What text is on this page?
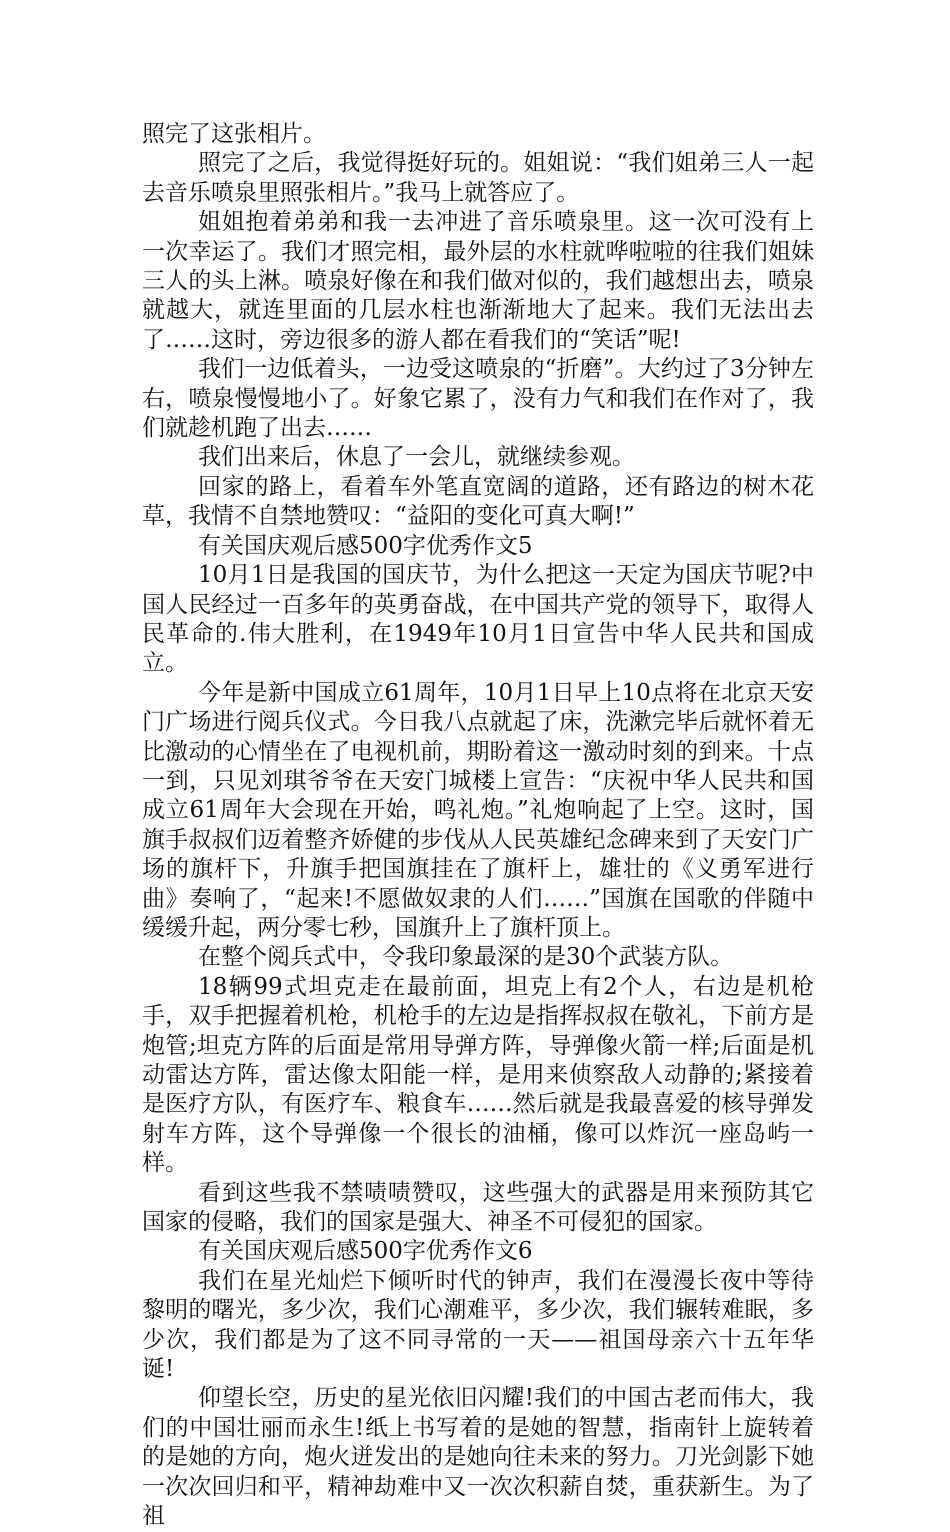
照完了这张相片。

照完了之后，我觉得挺好玩的。姐姐说：“我们姐弟三人一起去音乐喷泉里照张相片。”我马上就答应了。

姐姐抱着弟弟和我一去冲进了音乐喷泉里。这一次可没有上一次幸运了。我们才照完相，最外层的水柱就哗啦啦的往我们姐妹三人的头上淋。喷泉好像在和我们做对似的，我们越想出去，喷泉就越大，就连里面的几层水柱也渐渐地大了起来。我们无法出去了……这时，旁边很多的游人都在看我们的“笑话”呢!

我们一边低着头，一边受这喷泉的“折磨”。大约过了3分钟左右，喷泉慢慢地小了。好象它累了，没有力气和我们在作对了，我们就趁机跑了出去……

我们出来后，休息了一会儿，就继续参观。

回家的路上，看着车外笔直宽阔的道路，还有路边的树木花草，我情不自禁地赞叹：“益阳的变化可真大啊!”

有关国庆观后感500字优秀作文5

10月1日是我国的国庆节，为什么把这一天定为国庆节呢?中国人民经过一百多年的英勇奋战，在中国共产党的领导下，取得人民革命的.伟大胜利，在1949年10月1日宣告中华人民共和国成立。

今年是新中国成立61周年，10月1日早上10点将在北京天安门广场进行阅兵仪式。今日我八点就起了床，洗漱完毕后就怀着无比激动的心情坐在了电视机前，期盼着这一激动时刻的到来。十点一到，只见刘琪爷爷在天安门城楼上宣告：“庆祝中华人民共和国成立61周年大会现在开始，鸣礼炮。”礼炮响起了上空。这时，国旗手叔叔们迈着整齐娇健的步伐从人民英雄纪念碑来到了天安门广场的旗杆下，升旗手把国旗挂在了旗杆上，雄壮的《义勇军进行曲》奏响了，“起来!不愿做奴隶的人们……”国旗在国歌的伴随中缓缓升起，两分零七秒，国旗升上了旗杆顶上。

在整个阅兵式中，令我印象最深的是30个武装方队。

18辆99式坦克走在最前面，坦克上有2个人，右边是机枪手，双手把握着机枪，机枪手的左边是指挥叔叔在敬礼，下前方是炮管;坦克方阵的后面是常用导弹方阵，导弹像火箭一样;后面是机动雷达方阵，雷达像太阳能一样，是用来侦察敌人动静的;紧接着是医疗方队，有医疗车、粮食车……然后就是我最喜爱的核导弹发射车方阵，这个导弹像一个很长的油桶，像可以炸沉一座岛屿一样。

看到这些我不禁啧啧赞叹，这些强大的武器是用来预防其它国家的侵略，我们的国家是强大、神圣不可侵犯的国家。

有关国庆观后感500字优秀作文6

我们在星光灿烂下倾听时代的钟声，我们在漫漫长夜中等待黎明的曙光，多少次，我们心潮难平，多少次，我们辗转难眠，多少次，我们都是为了这不同寻常的一天——祖国母亲六十五年华诞!

仰望长空，历史的星光依旧闪耀!我们的中国古老而伟大，我们的中国壮丽而永生!纸上书写着的是她的智慧，指南针上旋转着的是她的方向，炮火迸发出的是她向往未来的努力。刀光剑影下她一次次回归和平，精神劫难中又一次次积薪自焚，重获新生。为了祖
